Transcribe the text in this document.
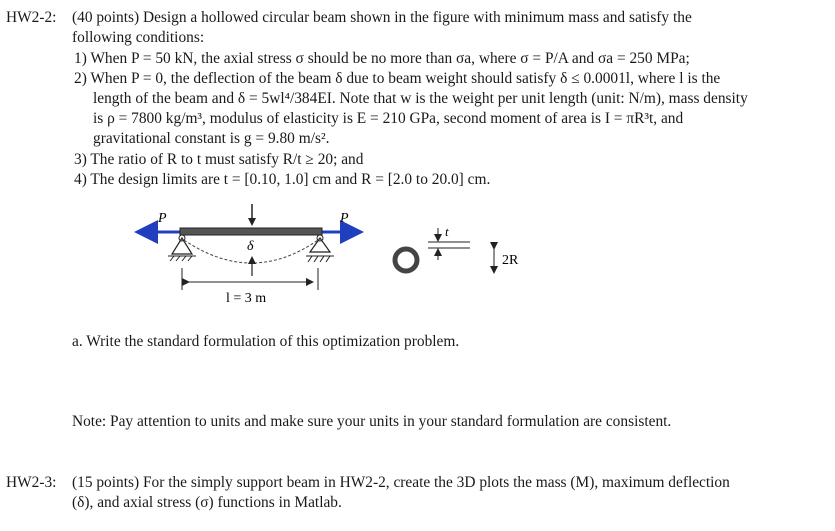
HW2-2: (40 points) Design a hollowed circular beam shown in the figure with minimum mass and satisfy the
following conditions:
1) When P = 50 kN, the axial stress σ should be no more than σa, where σ = P/A and σa = 250 MPa;
2) When P = 0, the deflection of the beam δ due to beam weight should satisfy δ ≤ 0.0001l, where l is the
length of the beam and δ = 5wl⁴/384EI. Note that w is the weight per unit length (unit: N/m), mass density
is ρ = 7800 kg/m³, modulus of elasticity is E = 210 GPa, second moment of area is I = πR³t, and
gravitational constant is g = 9.80 m/s².
3) The ratio of R to t must satisfy R/t ≥ 20; and
4) The design limits are t = [0.10, 1.0] cm and R = [2.0 to 20.0] cm.
P	P
δ
l = 3 m
t
2R
a. Write the standard formulation of this optimization problem.
Note: Pay attention to units and make sure your units in your standard formulation are consistent.
HW2-3: (15 points) For the simply support beam in HW2-2, create the 3D plots the mass (M), maximum deflection
(δ), and axial stress (σ) functions in Matlab.
